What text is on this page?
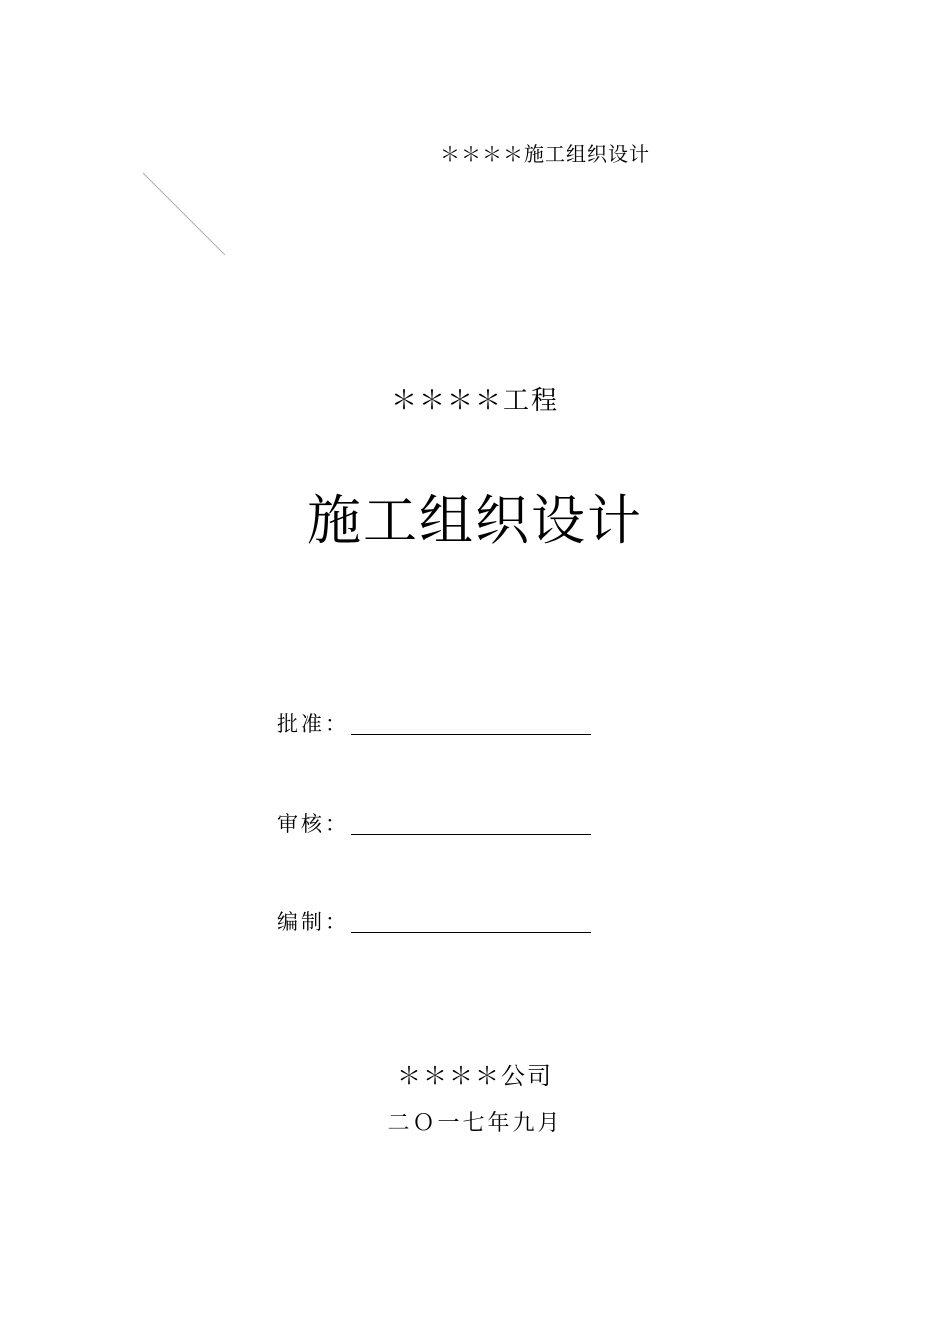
＊＊＊＊施工组织设计
＊＊＊＊工程
施工组织设计
批准：
审核：
编制：
＊＊＊＊公司
二Ｏ一七年九月
